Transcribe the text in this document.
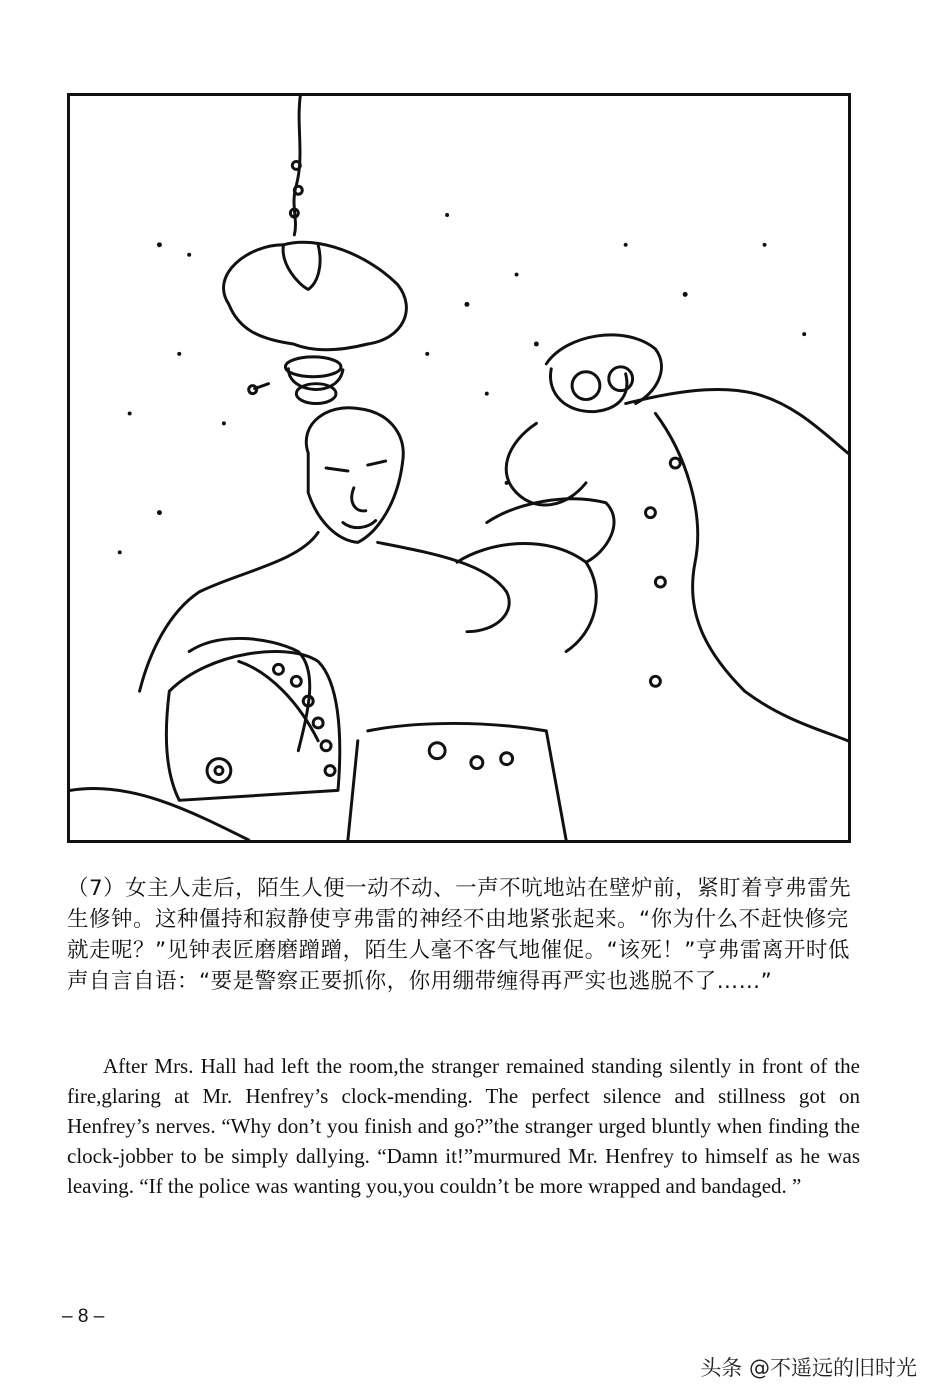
（7）女主人走后，陌生人便一动不动、一声不吭地站在壁炉前，紧盯着亨弗雷先生修钟。这种僵持和寂静使亨弗雷的神经不由地紧张起来。“你为什么不赶快修完就走呢？”见钟表匠磨磨蹭蹭，陌生人毫不客气地催促。“该死！”亨弗雷离开时低声自言自语：“要是警察正要抓你，你用绷带缠得再严实也逃脱不了……”

After Mrs. Hall had left the room,the stranger remained standing silently in front of the fire,glaring at Mr. Henfrey’s clock-mending. The perfect silence and stillness got on Henfrey’s nerves. “Why don’t you finish and go?”the stranger urged bluntly when finding the clock-jobber to be simply dallying. “Damn it!”murmured Mr. Henfrey to himself as he was leaving. “If the police was wanting you,you couldn’t be more wrapped and bandaged. ”

– 8 –
头条 @不遥远的旧时光
